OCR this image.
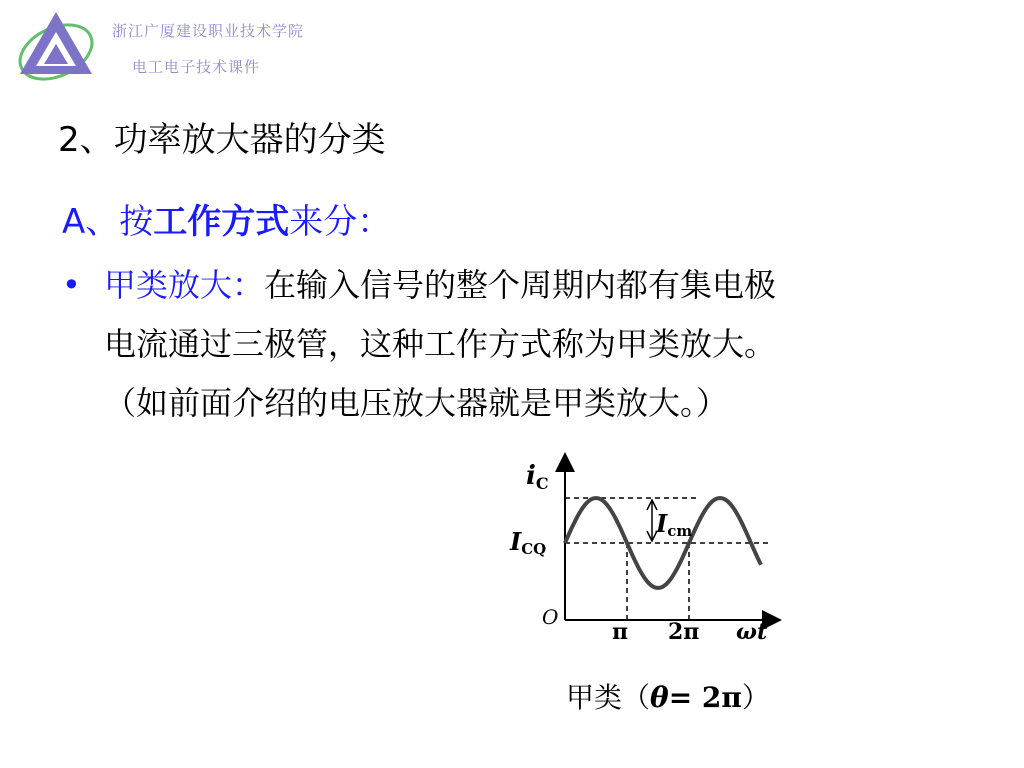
浙江广厦建设职业技术学院
电工电子技术课件
2、功率放大器的分类
A、按工作方式来分：
• 甲类放大：在输入信号的整个周期内都有集电极
电流通过三极管，这种工作方式称为甲类放大。
（如前面介绍的电压放大器就是甲类放大。）
iC
ICQ
Icm
O
π 2π ωt
甲类（θ= 2π）
